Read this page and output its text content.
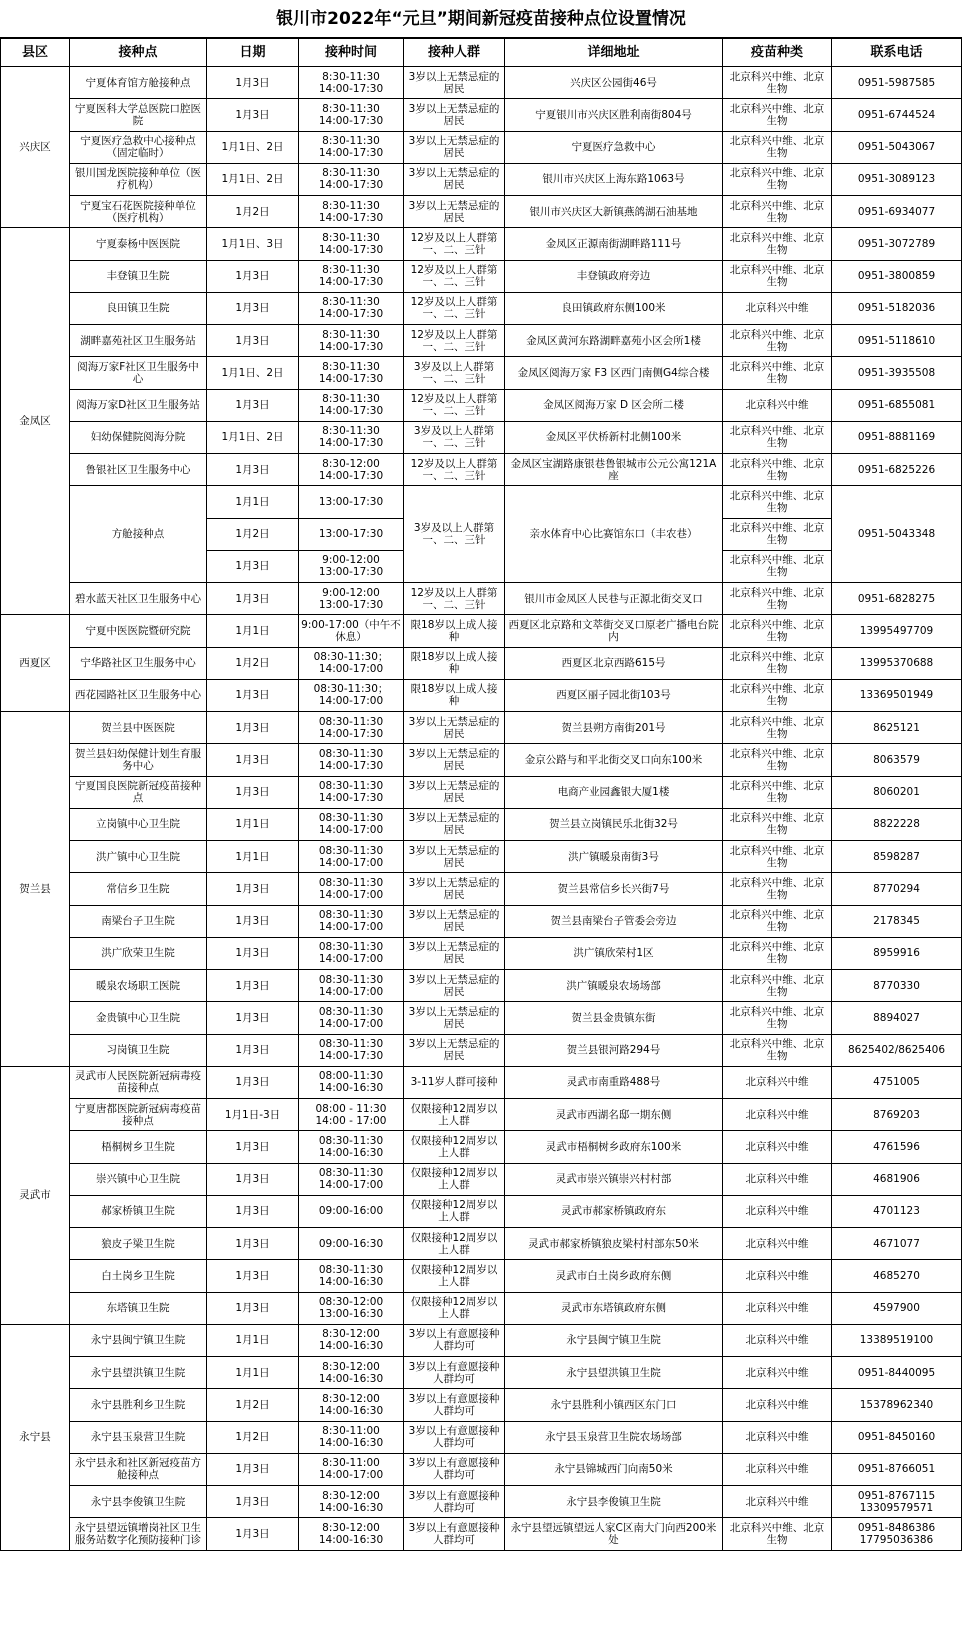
银川市2022年“元旦”期间新冠疫苗接种点位设置情况
县区	接种点	日期	接种时间	接种人群	详细地址	疫苗种类	联系电话
兴庆区	宁夏体育馆方舱接种点	1月3日	8:30-11:30
14:00-17:30	3岁以上无禁忌症的居民	兴庆区公园街46号	北京科兴中维、北京生物	0951-5987585
	宁夏医科大学总医院口腔医院	1月3日	8:30-11:30
14:00-17:30	3岁以上无禁忌症的居民	宁夏银川市兴庆区胜利南街804号	北京科兴中维、北京生物	0951-6744524
	宁夏医疗急救中心接种点（固定临时）	1月1日、2日	8:30-11:30
14:00-17:30	3岁以上无禁忌症的居民	宁夏医疗急救中心	北京科兴中维、北京生物	0951-5043067
	银川国龙医院接种单位（医疗机构）	1月1日、2日	8:30-11:30
14:00-17:30	3岁以上无禁忌症的居民	银川市兴庆区上海东路1063号	北京科兴中维、北京生物	0951-3089123
	宁夏宝石花医院接种单位（医疗机构）	1月2日	8:30-11:30
14:00-17:30	3岁以上无禁忌症的居民	银川市兴庆区大新镇燕鸽湖石油基地	北京科兴中维、北京生物	0951-6934077
金凤区	宁夏泰杨中医医院	1月1日、3日	8:30-11:30
14:00-17:30	12岁及以上人群第一、二、三针	金凤区正源南街湖畔路111号	北京科兴中维、北京生物	0951-3072789
	丰登镇卫生院	1月3日	8:30-11:30
14:00-17:30	12岁及以上人群第一、二、三针	丰登镇政府旁边	北京科兴中维、北京生物	0951-3800859
	良田镇卫生院	1月3日	8:30-11:30
14:00-17:30	12岁及以上人群第一、二、三针	良田镇政府东侧100米	北京科兴中维	0951-5182036
	湖畔嘉苑社区卫生服务站	1月3日	8:30-11:30
14:00-17:30	12岁及以上人群第一、二、三针	金凤区黄河东路湖畔嘉苑小区会所1楼	北京科兴中维、北京生物	0951-5118610
	阅海万家F社区卫生服务中心	1月1日、2日	8:30-11:30
14:00-17:30	3岁及以上人群第一、二、三针	金凤区阅海万家 F3 区西门南侧G4综合楼	北京科兴中维、北京生物	0951-3935508
	阅海万家D社区卫生服务站	1月3日	8:30-11:30
14:00-17:30	12岁及以上人群第一、二、三针	金凤区阅海万家 D 区会所二楼	北京科兴中维	0951-6855081
	妇幼保健院阅海分院	1月1日、2日	8:30-11:30
14:00-17:30	3岁及以上人群第一、二、三针	金凤区平伏桥新村北侧100米	北京科兴中维、北京生物	0951-8881169
	鲁银社区卫生服务中心	1月3日	8:30-12:00
14:00-17:30	12岁及以上人群第一、二、三针	金凤区宝湖路康银巷鲁银城市公元公寓121A座	北京科兴中维、北京生物	0951-6825226
	方舱接种点	1月1日	13:00-17:30	3岁及以上人群第一、二、三针	亲水体育中心比赛馆东口（丰农巷）	北京科兴中维、北京生物	0951-5043348
		1月2日	13:00-17:30			北京科兴中维、北京生物	
		1月3日	9:00-12:00
13:00-17:30			北京科兴中维、北京生物	
	碧水蓝天社区卫生服务中心	1月3日	9:00-12:00
13:00-17:30	12岁及以上人群第一、二、三针	银川市金凤区人民巷与正源北街交叉口	北京科兴中维、北京生物	0951-6828275
西夏区	宁夏中医医院暨研究院	1月1日	9:00-17:00（中午不休息）	限18岁以上成人接种	西夏区北京路和文萃街交叉口原老广播电台院内	北京科兴中维、北京生物	13995497709
	宁华路社区卫生服务中心	1月2日	08:30-11:30；
14:00-17:00	限18岁以上成人接种	西夏区北京西路615号	北京科兴中维、北京生物	13995370688
	西花园路社区卫生服务中心	1月3日	08:30-11:30；
14:00-17:00	限18岁以上成人接种	西夏区丽子园北街103号	北京科兴中维、北京生物	13369501949
贺兰县	贺兰县中医医院	1月3日	08:30-11:30
14:00-17:30	3岁以上无禁忌症的居民	贺兰县朔方南街201号	北京科兴中维、北京生物	8625121
	贺兰县妇幼保健计划生育服务中心	1月3日	08:30-11:30
14:00-17:30	3岁以上无禁忌症的居民	金京公路与和平北街交叉口向东100米	北京科兴中维、北京生物	8063579
	宁夏国良医院新冠疫苗接种点	1月3日	08:30-11:30
14:00-17:30	3岁以上无禁忌症的居民	电商产业园鑫银大厦1楼	北京科兴中维、北京生物	8060201
	立岗镇中心卫生院	1月1日	08:30-11:30
14:00-17:00	3岁以上无禁忌症的居民	贺兰县立岗镇民乐北街32号	北京科兴中维、北京生物	8822228
	洪广镇中心卫生院	1月1日	08:30-11:30
14:00-17:00	3岁以上无禁忌症的居民	洪广镇暖泉南街3号	北京科兴中维、北京生物	8598287
	常信乡卫生院	1月3日	08:30-11:30
14:00-17:00	3岁以上无禁忌症的居民	贺兰县常信乡长兴街7号	北京科兴中维、北京生物	8770294
	南梁台子卫生院	1月3日	08:30-11:30
14:00-17:00	3岁以上无禁忌症的居民	贺兰县南梁台子管委会旁边	北京科兴中维、北京生物	2178345
	洪广欣荣卫生院	1月3日	08:30-11:30
14:00-17:00	3岁以上无禁忌症的居民	洪广镇欣荣村1区	北京科兴中维、北京生物	8959916
	暖泉农场职工医院	1月3日	08:30-11:30
14:00-17:00	3岁以上无禁忌症的居民	洪广镇暖泉农场场部	北京科兴中维、北京生物	8770330
	金贵镇中心卫生院	1月3日	08:30-11:30
14:00-17:00	3岁以上无禁忌症的居民	贺兰县金贵镇东街	北京科兴中维、北京生物	8894027
	习岗镇卫生院	1月3日	08:30-11:30
14:00-17:30	3岁以上无禁忌症的居民	贺兰县银河路294号	北京科兴中维、北京生物	8625402/8625406
灵武市	灵武市人民医院新冠病毒疫苗接种点	1月3日	08:00-11:30
14:00-16:30	3-11岁人群可接种	灵武市南重路488号	北京科兴中维	4751005
	宁夏唐都医院新冠病毒疫苗接种点	1月1日-3日	08:00 - 11:30
14:00 - 17:00	仅限接种12周岁以上人群	灵武市西湖名邸一期东侧	北京科兴中维	8769203
	梧桐树乡卫生院	1月3日	08:30-11:30
14:00-16:30	仅限接种12周岁以上人群	灵武市梧桐树乡政府东100米	北京科兴中维	4761596
	崇兴镇中心卫生院	1月3日	08:30-11:30
14:00-17:00	仅限接种12周岁以上人群	灵武市崇兴镇崇兴村村部	北京科兴中维	4681906
	郝家桥镇卫生院	1月3日	09:00-16:00	仅限接种12周岁以上人群	灵武市郝家桥镇政府东	北京科兴中维	4701123
	狼皮子梁卫生院	1月3日	09:00-16:30	仅限接种12周岁以上人群	灵武市郝家桥镇狼皮梁村村部东50米	北京科兴中维	4671077
	白土岗乡卫生院	1月3日	08:30-11:30
14:00-16:30	仅限接种12周岁以上人群	灵武市白土岗乡政府东侧	北京科兴中维	4685270
	东塔镇卫生院	1月3日	08:30-12:00
13:00-16:30	仅限接种12周岁以上人群	灵武市东塔镇政府东侧	北京科兴中维	4597900
永宁县	永宁县闽宁镇卫生院	1月1日	8:30-12:00
14:00-16:30	3岁以上有意愿接种人群均可	永宁县闽宁镇卫生院	北京科兴中维	13389519100
	永宁县望洪镇卫生院	1月1日	8:30-12:00
14:00-16:30	3岁以上有意愿接种人群均可	永宁县望洪镇卫生院	北京科兴中维	0951-8440095
	永宁县胜利乡卫生院	1月2日	8:30-12:00
14:00-16:30	3岁以上有意愿接种人群均可	永宁县胜利小镇西区东门口	北京科兴中维	15378962340
	永宁县玉泉营卫生院	1月2日	8:30-11:00
14:00-16:30	3岁以上有意愿接种人群均可	永宁县玉泉营卫生院农场场部	北京科兴中维	0951-8450160
	永宁县永和社区新冠疫苗方舱接种点	1月3日	8:30-11:00
14:00-17:00	3岁以上有意愿接种人群均可	永宁县锦城西门向南50米	北京科兴中维	0951-8766051
	永宁县李俊镇卫生院	1月3日	8:30-12:00
14:00-16:30	3岁以上有意愿接种人群均可	永宁县李俊镇卫生院	北京科兴中维	0951-8767115
13309579571
	永宁县望远镇增岗社区卫生服务站数字化预防接种门诊	1月3日	8:30-12:00
14:00-16:30	3岁以上有意愿接种人群均可	永宁县望远镇望远人家C区南大门向西200米处	北京科兴中维、北京生物	0951-8486386
17795036386
